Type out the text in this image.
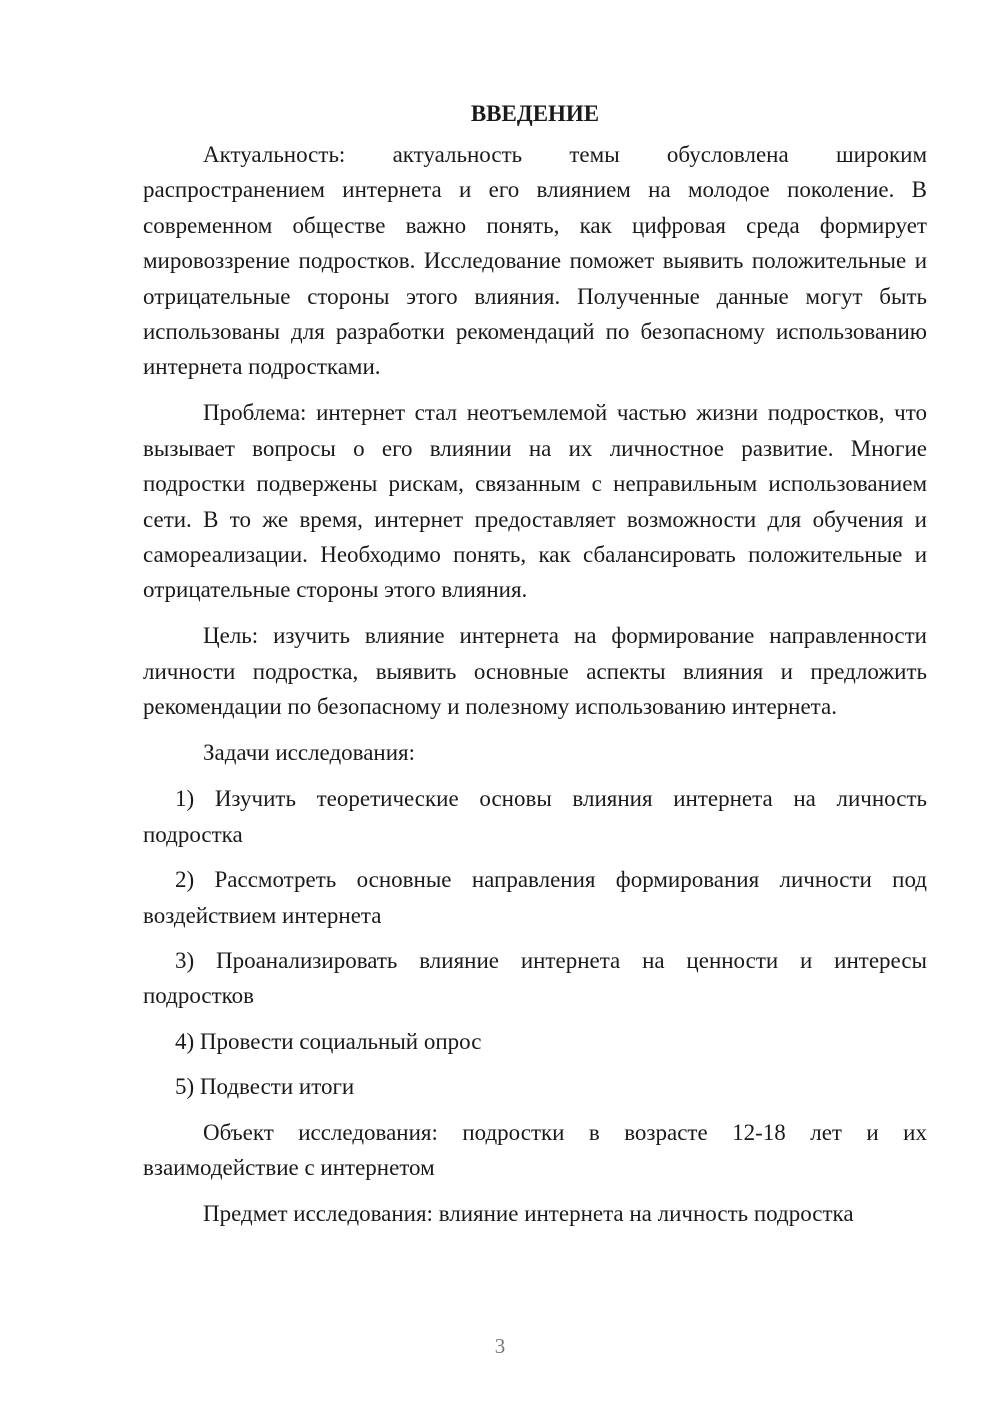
ВВЕДЕНИЕ

Актуальность: актуальность темы обусловлена широким распространением интернета и его влиянием на молодое поколение. В современном обществе важно понять, как цифровая среда формирует мировоззрение подростков. Исследование поможет выявить положительные и отрицательные стороны этого влияния. Полученные данные могут быть использованы для разработки рекомендаций по безопасному использованию интернета подростками.

Проблема: интернет стал неотъемлемой частью жизни подростков, что вызывает вопросы о его влиянии на их личностное развитие. Многие подростки подвержены рискам, связанным с неправильным использованием сети. В то же время, интернет предоставляет возможности для обучения и самореализации. Необходимо понять, как сбалансировать положительные и отрицательные стороны этого влияния.

Цель: изучить влияние интернета на формирование направленности личности подростка, выявить основные аспекты влияния и предложить рекомендации по безопасному и полезному использованию интернета.

Задачи исследования:

1) Изучить теоретические основы влияния интернета на личность подростка

2) Рассмотреть основные направления формирования личности под воздействием интернета

3) Проанализировать влияние интернета на ценности и интересы подростков

4) Провести социальный опрос

5) Подвести итоги

Объект исследования: подростки в возрасте 12-18 лет и их взаимодействие с интернетом

Предмет исследования: влияние интернета на личность подростка

3
